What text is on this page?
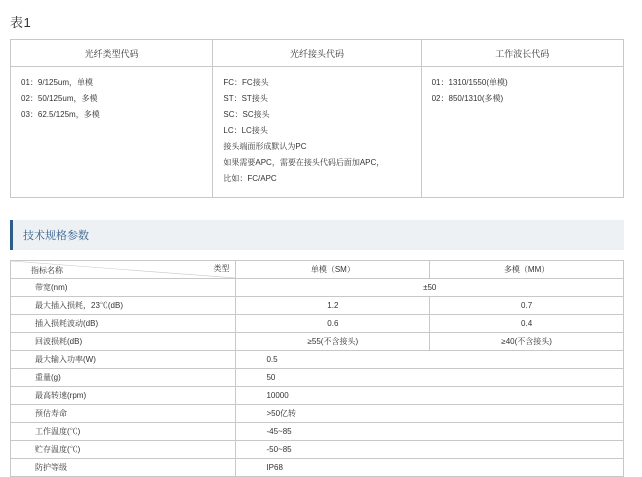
表1
光纤类型代码	光纤接头代码	工作波长代码

01：9/125um，单模
02：50/125um，多模
03：62.5/125m，多模

FC：FC接头
ST：ST接头
SC：SC接头
LC：LC接头
接头端面形成默认为PC
如果需要APC，需要在接头代码后面加APC，
比如：FC/APC

01：1310/1550(单模)
02：850/1310(多模)
技术规格参数
类型
指标名称	单模（SM）	多模（MM）
带宽(nm)	±50	
最大插入损耗，23℃(dB)	1.2	0.7
插入损耗波动(dB)	0.6	0.4
回波损耗(dB)	≥55(不含接头)	≥40(不含接头)
最大输入功率(W)	0.5	
重量(g)	50	
最高转速(rpm)	10000	
预估寿命	>50亿转	
工作温度(℃)	-45~85	
贮存温度(℃)	-50~85	
防护等级	IP68	
